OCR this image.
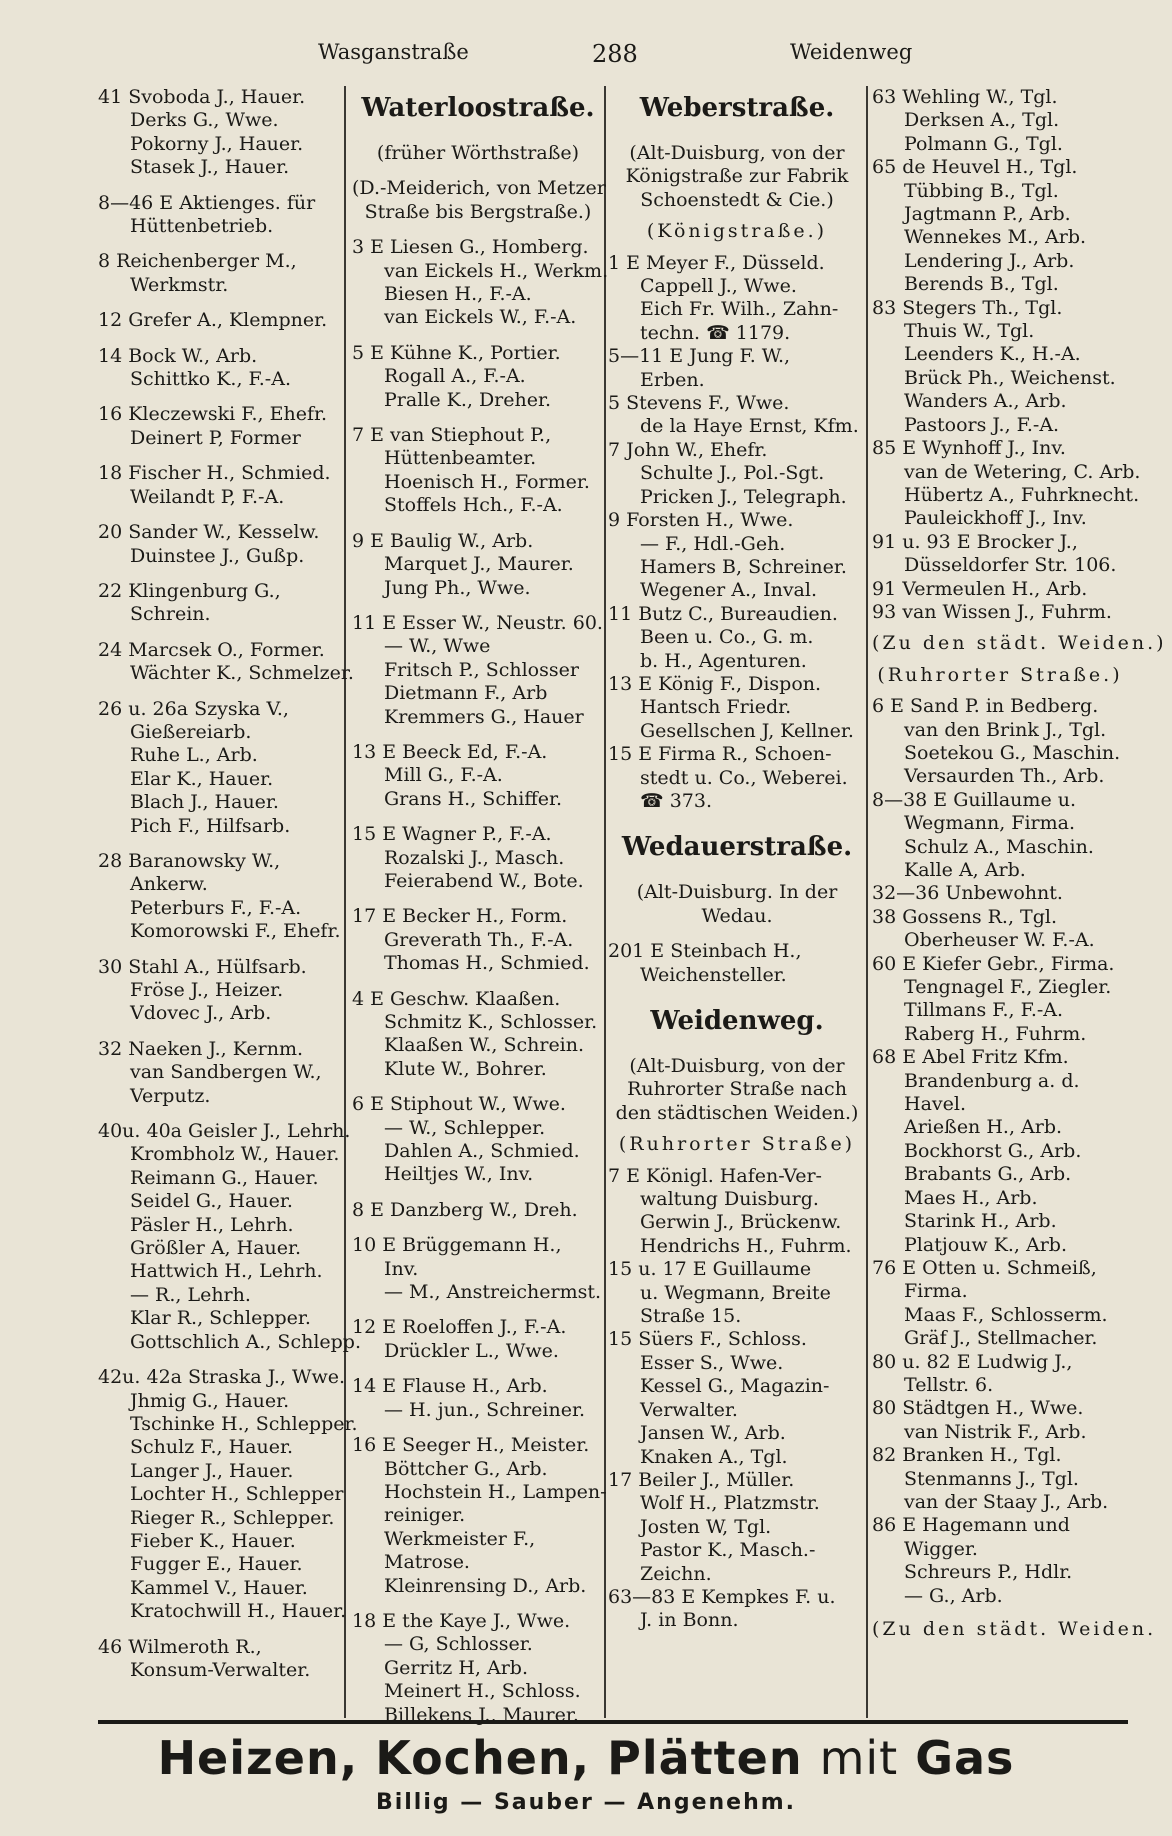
Wasganstraße	288	Weidenweg
41 Svoboda J., Hauer.
Derks G., Wwe.
Pokorny J., Hauer.
Stasek J., Hauer.
8—46 E Aktienges. für
Hüttenbetrieb.
8 Reichenberger M.,
Werkmstr.
12 Grefer A., Klempner.
14 Bock W., Arb.
Schittko K., F.-A.
16 Kleczewski F., Ehefr.
Deinert P, Former
18 Fischer H., Schmied.
Weilandt P, F.-A.
20 Sander W., Kesselw.
Duinstee J., Gußp.
22 Klingenburg G.,
Schrein.
24 Marcsek O., Former.
Wächter K., Schmelzer.
26 u. 26a Szyska V.,
Gießereiarb.
Ruhe L., Arb.
Elar K., Hauer.
Blach J., Hauer.
Pich F., Hilfsarb.
28 Baranowsky W.,
Ankerw.
Peterburs F., F.-A.
Komorowski F., Ehefr.
30 Stahl A., Hülfsarb.
Fröse J., Heizer.
Vdovec J., Arb.
32 Naeken J., Kernm.
van Sandbergen W.,
Verputz.
40u. 40a Geisler J., Lehrh.
Krombholz W., Hauer.
Reimann G., Hauer.
Seidel G., Hauer.
Päsler H., Lehrh.
Größler A, Hauer.
Hattwich H., Lehrh.
— R., Lehrh.
Klar R., Schlepper.
Gottschlich A., Schlepp.
42u. 42a Straska J., Wwe.
Jhmig G., Hauer.
Tschinke H., Schlepper.
Schulz F., Hauer.
Langer J., Hauer.
Lochter H., Schlepper
Rieger R., Schlepper.
Fieber K., Hauer.
Fugger E., Hauer.
Kammel V., Hauer.
Kratochwill H., Hauer.
46 Wilmeroth R.,
Konsum-Verwalter.
Waterloostraße.
(früher Wörthstraße)
(D.-Meiderich, von Metzer
Straße bis Bergstraße.)
3 E Liesen G., Homberg.
van Eickels H., Werkm.
Biesen H., F.-A.
van Eickels W., F.-A.
5 E Kühne K., Portier.
Rogall A., F.-A.
Pralle K., Dreher.
7 E van Stiephout P.,
Hüttenbeamter.
Hoenisch H., Former.
Stoffels Hch., F.-A.
9 E Baulig W., Arb.
Marquet J., Maurer.
Jung Ph., Wwe.
11 E Esser W., Neustr. 60.
— W., Wwe
Fritsch P., Schlosser
Dietmann F., Arb
Kremmers G., Hauer
13 E Beeck Ed, F.-A.
Mill G., F.-A.
Grans H., Schiffer.
15 E Wagner P., F.-A.
Rozalski J., Masch.
Feierabend W., Bote.
17 E Becker H., Form.
Greverath Th., F.-A.
Thomas H., Schmied.
4 E Geschw. Klaaßen.
Schmitz K., Schlosser.
Klaaßen W., Schrein.
Klute W., Bohrer.
6 E Stiphout W., Wwe.
— W., Schlepper.
Dahlen A., Schmied.
Heiltjes W., Inv.
8 E Danzberg W., Dreh.
10 E Brüggemann H.,
Inv.
— M., Anstreichermst.
12 E Roeloffen J., F.-A.
Drückler L., Wwe.
14 E Flause H., Arb.
— H. jun., Schreiner.
16 E Seeger H., Meister.
Böttcher G., Arb.
Hochstein H., Lampen-
reiniger.
Werkmeister F.,
Matrose.
Kleinrensing D., Arb.
18 E the Kaye J., Wwe.
— G, Schlosser.
Gerritz H, Arb.
Meinert H., Schloss.
Billekens J., Maurer.
Weberstraße.
(Alt-Duisburg, von der
Königstraße zur Fabrik
Schoenstedt & Cie.)
(Königstraße.)
1 E Meyer F., Düsseld.
Cappell J., Wwe.
Eich Fr. Wilh., Zahn-
techn. ☎ 1179.
5—11 E Jung F. W.,
Erben.
5 Stevens F., Wwe.
de la Haye Ernst, Kfm.
7 John W., Ehefr.
Schulte J., Pol.-Sgt.
Pricken J., Telegraph.
9 Forsten H., Wwe.
— F., Hdl.-Geh.
Hamers B, Schreiner.
Wegener A., Inval.
11 Butz C., Bureaudien.
Been u. Co., G. m.
b. H., Agenturen.
13 E König F., Dispon.
Hantsch Friedr.
Gesellschen J, Kellner.
15 E Firma R., Schoen-
stedt u. Co., Weberei.
☎ 373.
Wedauerstraße.
(Alt-Duisburg. In der
Wedau.
201 E Steinbach H.,
Weichensteller.
Weidenweg.
(Alt-Duisburg, von der
Ruhrorter Straße nach
den städtischen Weiden.)
(Ruhrorter Straße)
7 E Königl. Hafen-Ver-
waltung Duisburg.
Gerwin J., Brückenw.
Hendrichs H., Fuhrm.
15 u. 17 E Guillaume
u. Wegmann, Breite
Straße 15.
15 Süers F., Schloss.
Esser S., Wwe.
Kessel G., Magazin-
Verwalter.
Jansen W., Arb.
Knaken A., Tgl.
17 Beiler J., Müller.
Wolf H., Platzmstr.
Josten W, Tgl.
Pastor K., Masch.-
Zeichn.
63—83 E Kempkes F. u.
J. in Bonn.
63 Wehling W., Tgl.
Derksen A., Tgl.
Polmann G., Tgl.
65 de Heuvel H., Tgl.
Tübbing B., Tgl.
Jagtmann P., Arb.
Wennekes M., Arb.
Lendering J., Arb.
Berends B., Tgl.
83 Stegers Th., Tgl.
Thuis W., Tgl.
Leenders K., H.-A.
Brück Ph., Weichenst.
Wanders A., Arb.
Pastoors J., F.-A.
85 E Wynhoff J., Inv.
van de Wetering, C. Arb.
Hübertz A., Fuhrknecht.
Pauleickhoff J., Inv.
91 u. 93 E Brocker J.,
Düsseldorfer Str. 106.
91 Vermeulen H., Arb.
93 van Wissen J., Fuhrm.
(Zu den städt. Weiden.)
(Ruhrorter Straße.)
6 E Sand P. in Bedberg.
van den Brink J., Tgl.
Soetekou G., Maschin.
Versaurden Th., Arb.
8—38 E Guillaume u.
Wegmann, Firma.
Schulz A., Maschin.
Kalle A, Arb.
32—36 Unbewohnt.
38 Gossens R., Tgl.
Oberheuser W. F.-A.
60 E Kiefer Gebr., Firma.
Tengnagel F., Ziegler.
Tillmans F., F.-A.
Raberg H., Fuhrm.
68 E Abel Fritz Kfm.
Brandenburg a. d.
Havel.
Arießen H., Arb.
Bockhorst G., Arb.
Brabants G., Arb.
Maes H., Arb.
Starink H., Arb.
Platjouw K., Arb.
76 E Otten u. Schmeiß,
Firma.
Maas F., Schlosserm.
Gräf J., Stellmacher.
80 u. 82 E Ludwig J.,
Tellstr. 6.
80 Städtgen H., Wwe.
van Nistrik F., Arb.
82 Branken H., Tgl.
Stenmanns J., Tgl.
van der Staay J., Arb.
86 E Hagemann und
Wigger.
Schreurs P., Hdlr.
— G., Arb.
(Zu den städt. Weiden.
Heizen, Kochen, Plätten mit Gas
Billig — Sauber — Angenehm.
